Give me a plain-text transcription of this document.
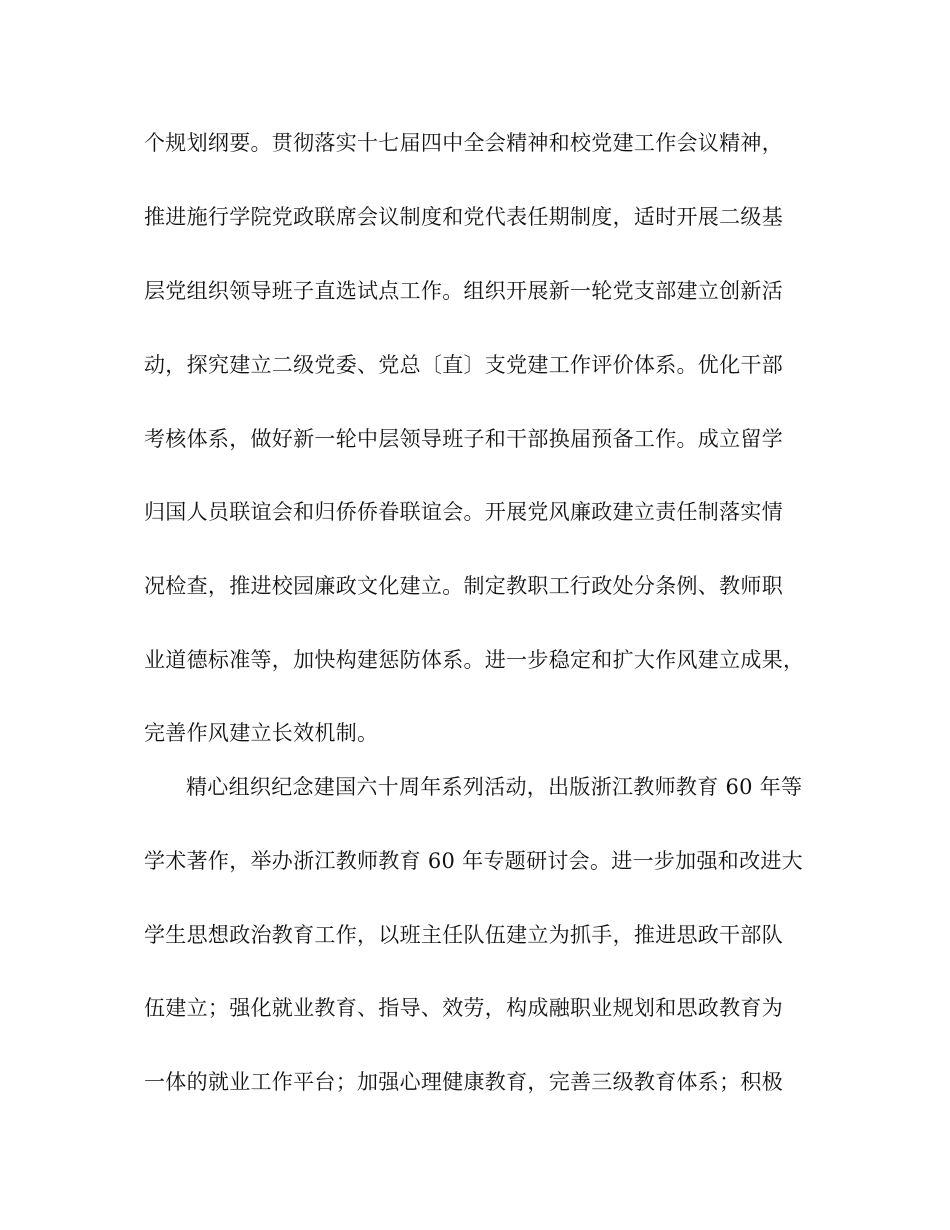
个规划纲要。贯彻落实十七届四中全会精神和校党建工作会议精神，
推进施行学院党政联席会议制度和党代表任期制度，适时开展二级基
层党组织领导班子直选试点工作。组织开展新一轮党支部建立创新活
动，探究建立二级党委、党总〔直〕支党建工作评价体系。优化干部
考核体系，做好新一轮中层领导班子和干部换届预备工作。成立留学
归国人员联谊会和归侨侨眷联谊会。开展党风廉政建立责任制落实情
况检查，推进校园廉政文化建立。制定教职工行政处分条例、教师职
业道德标准等，加快构建惩防体系。进一步稳定和扩大作风建立成果，
完善作风建立长效机制。
精心组织纪念建国六十周年系列活动，出版浙江教师教育 60 年等
学术著作，举办浙江教师教育 60 年专题研讨会。进一步加强和改进大
学生思想政治教育工作，以班主任队伍建立为抓手，推进思政干部队
伍建立；强化就业教育、指导、效劳，构成融职业规划和思政教育为
一体的就业工作平台；加强心理健康教育，完善三级教育体系；积极
